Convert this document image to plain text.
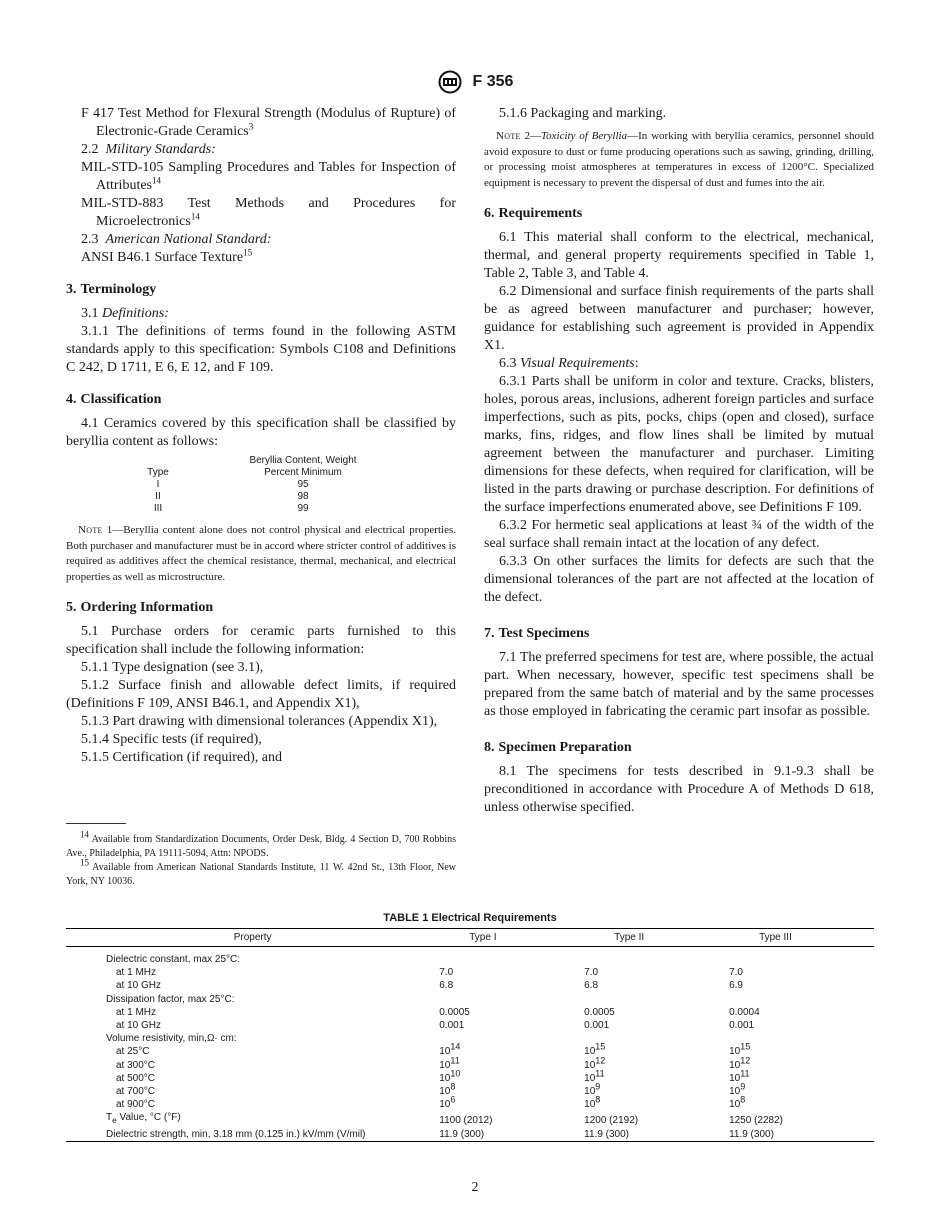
F 356

F 417 Test Method for Flexural Strength (Modulus of Rupture) of Electronic-Grade Ceramics$^3$

2.2 Military Standards:

MIL-STD-105 Sampling Procedures and Tables for Inspection of Attributes$^{14}$

MIL-STD-883 Test Methods and Procedures for Microelectronics$^{14}$

2.3 American National Standard:

ANSI B46.1 Surface Texture$^{15}$

3. Terminology

3.1 Definitions:

3.1.1 The definitions of terms found in the following ASTM standards apply to this specification: Symbols C108 and Definitions C 242, D 1711, E 6, E 12, and F 109.

4. Classification

4.1 Ceramics covered by this specification shall be classified by beryllia content as follows:

	Beryllia Content, Weight
Type	Percent Minimum
I	95
II	98
III	99

Note 1—Beryllia content alone does not control physical and electrical properties. Both purchaser and manufacturer must be in accord where stricter control of additives is required as additives affect the chemical resistance, thermal, mechanical, and electrical properties as well as microstructure.

5. Ordering Information

5.1 Purchase orders for ceramic parts furnished to this specification shall include the following information:

5.1.1 Type designation (see 3.1),

5.1.2 Surface finish and allowable defect limits, if required (Definitions F 109, ANSI B46.1, and Appendix X1),

5.1.3 Part drawing with dimensional tolerances (Appendix X1),

5.1.4 Specific tests (if required),

5.1.5 Certification (if required), and

$^{14}$ Available from Standardization Documents, Order Desk, Bldg. 4 Section D, 700 Robbins Ave., Philadelphia, PA 19111-5094, Attn: NPODS.

$^{15}$ Available from American National Standards Institute, 11 W. 42nd St., 13th Floor, New York, NY 10036.

5.1.6 Packaging and marking.

Note 2—Toxicity of Beryllia—In working with beryllia ceramics, personnel should avoid exposure to dust or fume producing operations such as sawing, grinding, drilling, or processing moist atmospheres at temperatures in excess of 1200°C. Specialized equipment is necessary to prevent the dispersal of dust and fumes into the air.

6. Requirements

6.1 This material shall conform to the electrical, mechanical, thermal, and general property requirements specified in Table 1, Table 2, Table 3, and Table 4.

6.2 Dimensional and surface finish requirements of the parts shall be as agreed between manufacturer and purchaser; however, guidance for establishing such agreement is provided in Appendix X1.

6.3 Visual Requirements:

6.3.1 Parts shall be uniform in color and texture. Cracks, blisters, holes, porous areas, inclusions, adherent foreign particles and surface imperfections, such as pits, pocks, chips (open and closed), surface marks, fins, ridges, and flow lines shall be limited by mutual agreement between the manufacturer and purchaser. Limiting dimensions for these defects, when required for clarification, will be listed in the parts drawing or purchase description. For definitions of the surface imperfections enumerated above, see Definitions F 109.

6.3.2 For hermetic seal applications at least ¾ of the width of the seal surface shall remain intact at the location of any defect.

6.3.3 On other surfaces the limits for defects are such that the dimensional tolerances of the part are not affected at the location of the defect.

7. Test Specimens

7.1 The preferred specimens for test are, where possible, the actual part. When necessary, however, specific test specimens shall be prepared from the same batch of material and by the same processes as those employed in fabricating the ceramic part insofar as possible.

8. Specimen Preparation

8.1 The specimens for tests described in 9.1-9.3 shall be preconditioned in accordance with Procedure A of Methods D 618, unless otherwise specified.

TABLE 1 Electrical Requirements
Property	Type I	Type II	Type III
Dielectric constant, max 25°C:			
at 1 MHz	7.0	7.0	7.0
at 10 GHz	6.8	6.8	6.9
Dissipation factor, max 25°C:			
at 1 MHz	0.0005	0.0005	0.0004
at 10 GHz	0.001	0.001	0.001
Volume resistivity, min,Ω· cm:			
at 25°C	$10^{14}$	$10^{15}$	$10^{15}$
at 300°C	$10^{11}$	$10^{12}$	$10^{12}$
at 500°C	$10^{10}$	$10^{11}$	$10^{11}$
at 700°C	$10^8$	$10^9$	$10^9$
at 900°C	$10^6$	$10^8$	$10^8$
$T_e$ Value, °C (°F)	1100 (2012)	1200 (2192)	1250 (2282)
Dielectric strength, min, 3.18 mm (0.125 in.) kV/mm (V/mil)	11.9 (300)	11.9 (300)	11.9 (300)
2
